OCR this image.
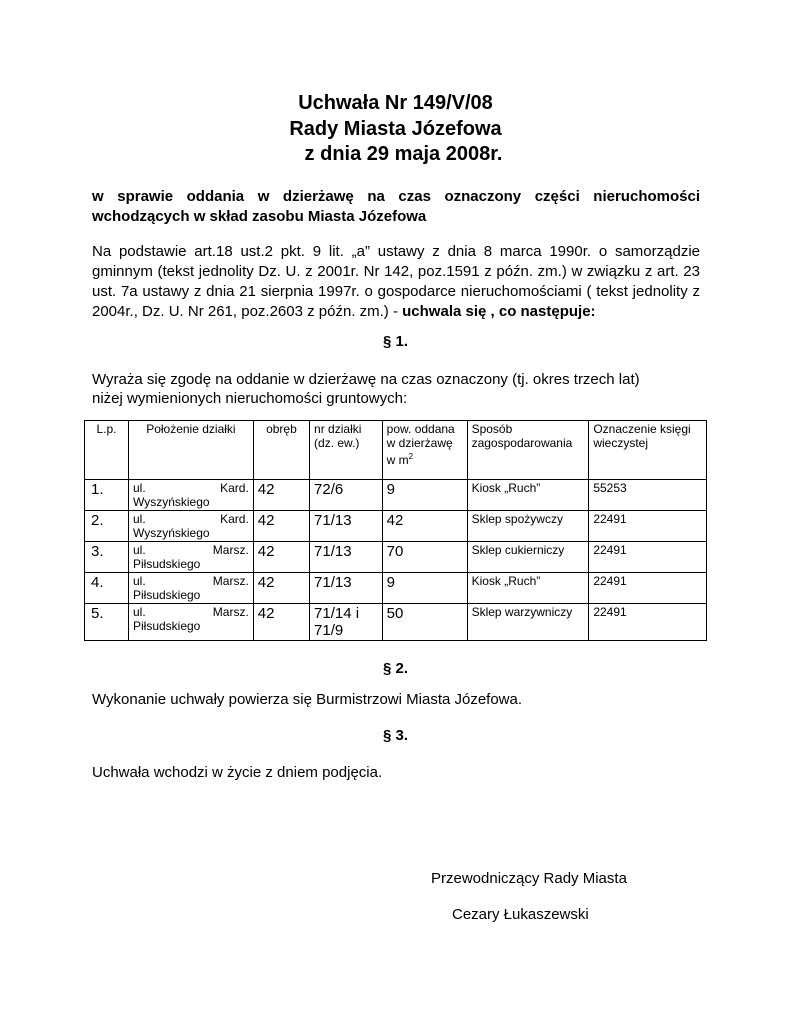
Uchwała Nr 149/V/08
Rady Miasta Józefowa
z dnia 29 maja 2008r.
w sprawie oddania w dzierżawę na czas oznaczony części nieruchomości wchodzących w skład zasobu Miasta Józefowa
Na podstawie art.18 ust.2 pkt. 9 lit. „a” ustawy z dnia 8 marca 1990r. o samorządzie gminnym (tekst jednolity Dz. U. z 2001r. Nr 142, poz.1591 z późn. zm.) w związku z art. 23 ust. 7a ustawy z dnia 21 sierpnia 1997r. o gospodarce nieruchomościami ( tekst jednolity z 2004r., Dz. U. Nr 261, poz.2603 z późn. zm.) - uchwala się , co następuje:
§ 1.
Wyraża się zgodę na oddanie w dzierżawę na czas oznaczony (tj. okres trzech lat)
niżej wymienionych nieruchomości gruntowych:
L.p.	Położenie działki	obręb	nr działki (dz. ew.)	pow. oddana w dzierżawę w $m^2$	Sposób zagospodarowania	Oznaczenie księgi wieczystej
1.	ul. Kard.
Wyszyńskiego	42	72/6	9	Kiosk „Ruch”	55253
2.	ul. Kard.
Wyszyńskiego	42	71/13	42	Sklep spożywczy	22491
3.	ul. Marsz.
Piłsudskiego	42	71/13	70	Sklep cukierniczy	22491
4.	ul. Marsz.
Piłsudskiego	42	71/13	9	Kiosk „Ruch”	22491
5.	ul. Marsz.
Piłsudskiego	42	71/14 i 71/9	50	Sklep warzywniczy	22491
§ 2.
Wykonanie uchwały powierza się Burmistrzowi Miasta Józefowa.
§ 3.
Uchwała wchodzi w życie z dniem podjęcia.
Przewodniczący Rady Miasta
Cezary Łukaszewski
